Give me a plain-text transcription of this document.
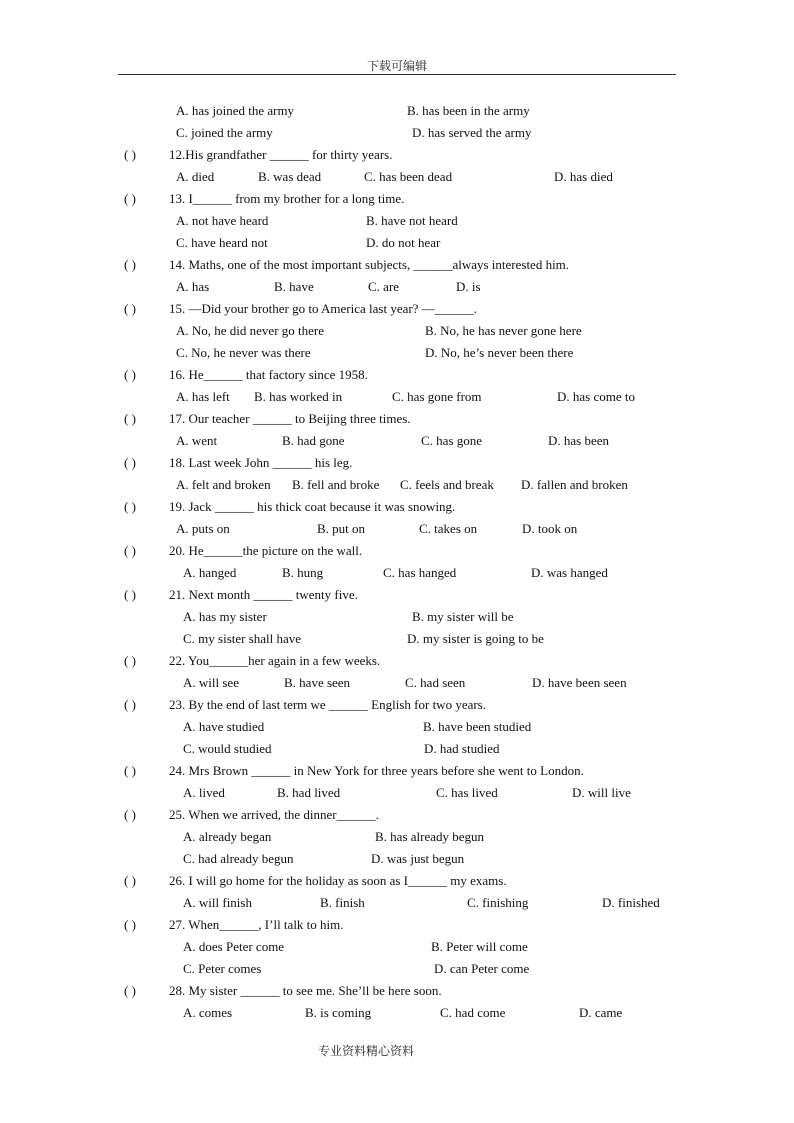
下载可编辑
A. has joined the army	B. has been in the army
C. joined the army	D. has served the army
( )	12.His grandfather ______ for thirty years.
A. died	B. was dead	C. has been dead	D. has died
( )	13. I______ from my brother for a long time.
A. not have heard	B. have not heard
C. have heard not	D. do not hear
( )	14. Maths, one of the most important subjects, ______always interested him.
A. has	B. have	C. are	D. is
( )	15. —Did your brother go to America last year? —______.
A. No, he did never go there	B. No, he has never gone here
C. No, he never was there	D. No, he’s never been there
( )	16. He______ that factory since 1958.
A. has left B. has worked in	C. has gone from	D. has come to
( )	17. Our teacher ______ to Beijing three times.
A. went	B. had gone	C. has gone	D. has been
( )	18. Last week John ______ his leg.
A. felt and broken B. fell and broke C. feels and break D. fallen and broken
( )	19. Jack ______ his thick coat because it was snowing.
A. puts on	B. put on	C. takes on	D. took on
( )	20. He______the picture on the wall.
A. hanged	B. hung	C. has hanged	D. was hanged
( )	21. Next month ______ twenty five.
A. has my sister	B. my sister will be
C. my sister shall have	D. my sister is going to be
( )	22. You______her again in a few weeks.
A. will see	B. have seen	C. had seen	D. have been seen
( )	23. By the end of last term we ______ English for two years.
A. have studied	B. have been studied
C. would studied	D. had studied
( )	24. Mrs Brown ______ in New York for three years before she went to London.
A. lived	B. had lived	C. has lived	D. will live
( )	25. When we arrived, the dinner______.
A. already began	B. has already begun
C. had already begun	D. was just begun
( )	26. I will go home for the holiday as soon as I______ my exams.
A. will finish	B. finish	C. finishing	D. finished
( )	27. When______, I’ll talk to him.
A. does Peter come	B. Peter will come
C. Peter comes	D. can Peter come
( )	28. My sister ______ to see me. She’ll be here soon.
A. comes	B. is coming	C. had come	D. came
专业资料精心资料
